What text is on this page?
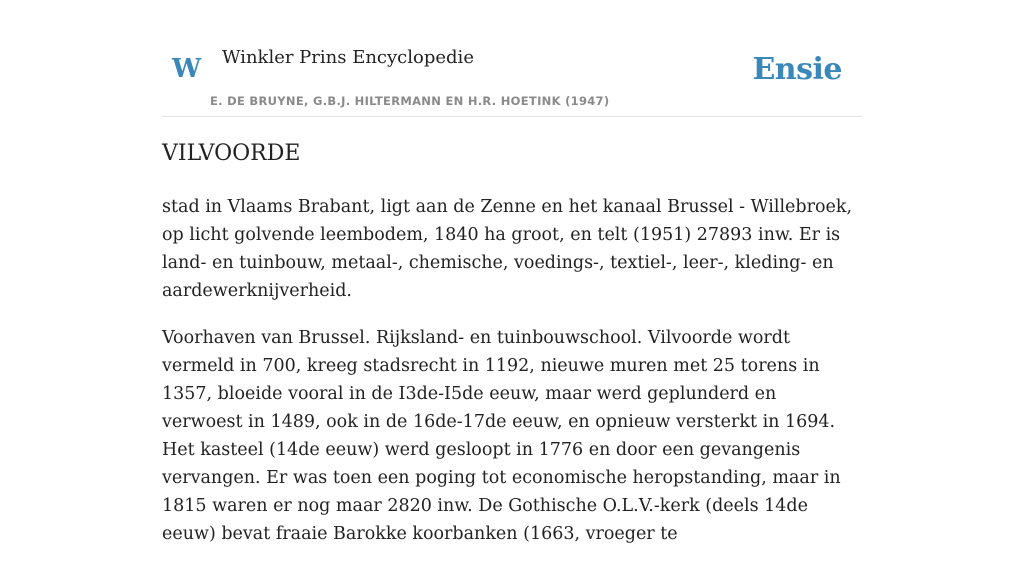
W Winkler Prins Encyclopedie
E. DE BRUYNE, G.B.J. HILTERMANN EN H.R. HOETINK (1947)
Ensie
VILVOORDE

stad in Vlaams Brabant, ligt aan de Zenne en het kanaal Brussel - Willebroek, op licht golvende leembodem, 1840 ha groot, en telt (1951) 27893 inw. Er is land- en tuinbouw, metaal-, chemische, voedings-, textiel-, leer-, kleding- en aardewerknijverheid.

Voorhaven van Brussel. Rijksland- en tuinbouwschool. Vilvoorde wordt vermeld in 700, kreeg stadsrecht in 1192, nieuwe muren met 25 torens in 1357, bloeide vooral in de I3de-I5de eeuw, maar werd geplunderd en verwoest in 1489, ook in de 16de-17de eeuw, en opnieuw versterkt in 1694. Het kasteel (14de eeuw) werd gesloopt in 1776 en door een gevangenis vervangen. Er was toen een poging tot economische heropstanding, maar in 1815 waren er nog maar 2820 inw. De Gothische O.L.V.-kerk (deels 14de eeuw) bevat fraaie Barokke koorbanken (1663, vroeger te
